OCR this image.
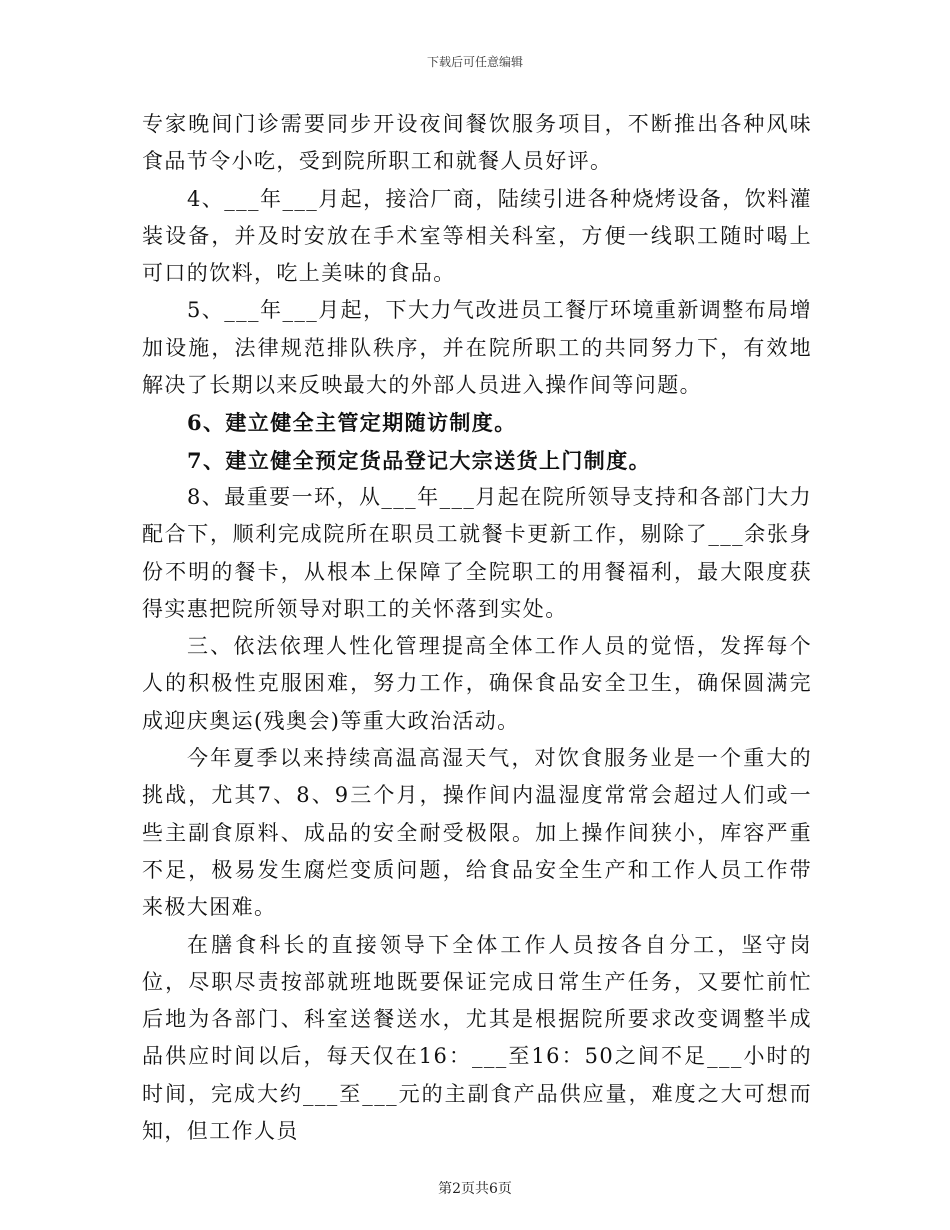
下载后可任意编辑

专家晚间门诊需要同步开设夜间餐饮服务项目，不断推出各种风味食品节令小吃，受到院所职工和就餐人员好评。

4、___年___月起，接洽厂商，陆续引进各种烧烤设备，饮料灌装设备，并及时安放在手术室等相关科室，方便一线职工随时喝上可口的饮料，吃上美味的食品。

5、___年___月起，下大力气改进员工餐厅环境重新调整布局增加设施，法律规范排队秩序，并在院所职工的共同努力下，有效地解决了长期以来反映最大的外部人员进入操作间等问题。

6、建立健全主管定期随访制度。

7、建立健全预定货品登记大宗送货上门制度。

8、最重要一环，从___年___月起在院所领导支持和各部门大力配合下，顺利完成院所在职员工就餐卡更新工作，剔除了___余张身份不明的餐卡，从根本上保障了全院职工的用餐福利，最大限度获得实惠把院所领导对职工的关怀落到实处。

三、依法依理人性化管理提高全体工作人员的觉悟，发挥每个人的积极性克服困难，努力工作，确保食品安全卫生，确保圆满完成迎庆奥运(残奥会)等重大政治活动。

今年夏季以来持续高温高湿天气，对饮食服务业是一个重大的挑战，尤其7、8、9三个月，操作间内温湿度常常会超过人们或一些主副食原料、成品的安全耐受极限。加上操作间狭小，库容严重不足，极易发生腐烂变质问题，给食品安全生产和工作人员工作带来极大困难。

在膳食科长的直接领导下全体工作人员按各自分工，坚守岗位，尽职尽责按部就班地既要保证完成日常生产任务，又要忙前忙后地为各部门、科室送餐送水，尤其是根据院所要求改变调整半成品供应时间以后，每天仅在16：___至16：50之间不足___小时的时间，完成大约___至___元的主副食产品供应量，难度之大可想而知，但工作人员

第2页共6页
